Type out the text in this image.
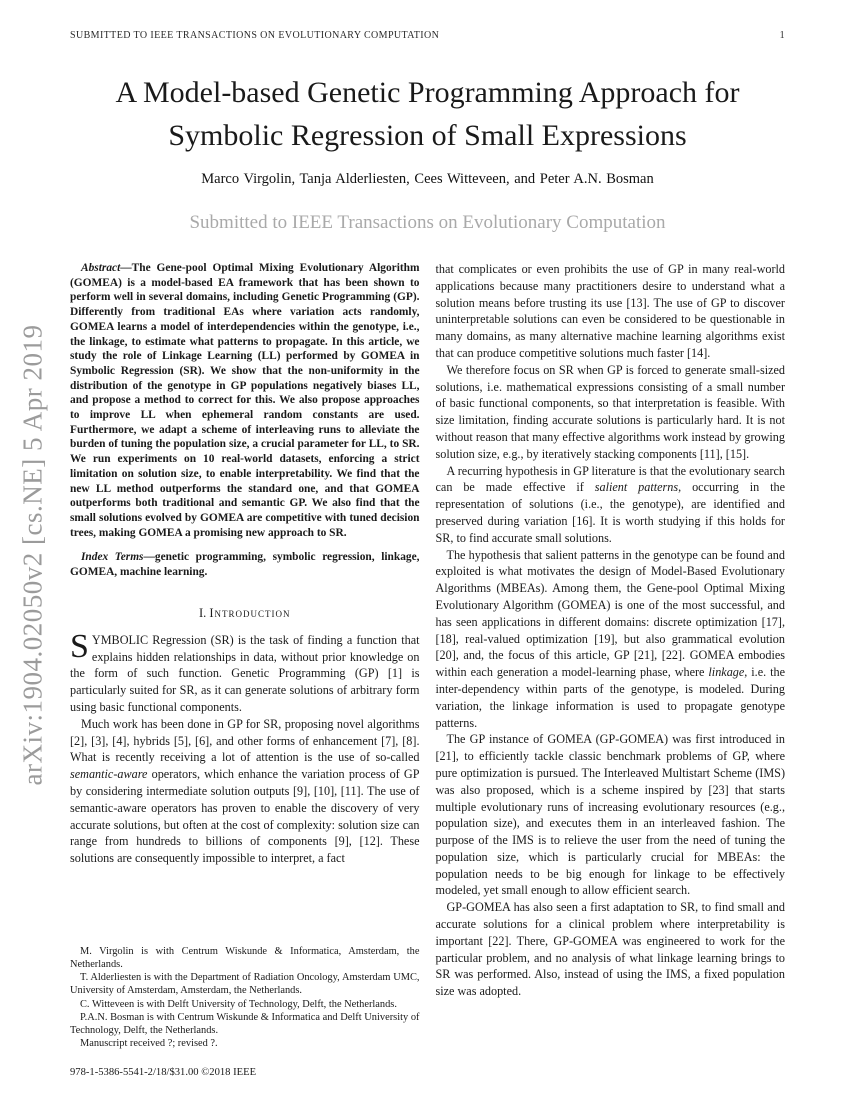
SUBMITTED TO IEEE TRANSACTIONS ON EVOLUTIONARY COMPUTATION	1
arXiv:1904.02050v2 [cs.NE] 5 Apr 2019
A Model-based Genetic Programming Approach for
Symbolic Regression of Small Expressions
Marco Virgolin, Tanja Alderliesten, Cees Witteveen, and Peter A.N. Bosman
Submitted to IEEE Transactions on Evolutionary Computation

Abstract—The Gene-pool Optimal Mixing Evolutionary Algorithm (GOMEA) is a model-based EA framework that has been shown to perform well in several domains, including Genetic Programming (GP). Differently from traditional EAs where variation acts randomly, GOMEA learns a model of interdependencies within the genotype, i.e., the linkage, to estimate what patterns to propagate. In this article, we study the role of Linkage Learning (LL) performed by GOMEA in Symbolic Regression (SR). We show that the non-uniformity in the distribution of the genotype in GP populations negatively biases LL, and propose a method to correct for this. We also propose approaches to improve LL when ephemeral random constants are used. Furthermore, we adapt a scheme of interleaving runs to alleviate the burden of tuning the population size, a crucial parameter for LL, to SR. We run experiments on 10 real-world datasets, enforcing a strict limitation on solution size, to enable interpretability. We find that the new LL method outperforms the standard one, and that GOMEA outperforms both traditional and semantic GP. We also find that the small solutions evolved by GOMEA are competitive with tuned decision trees, making GOMEA a promising new approach to SR.

Index Terms—genetic programming, symbolic regression, linkage, GOMEA, machine learning.

I. Introduction

SYMBOLIC Regression (SR) is the task of finding a function that explains hidden relationships in data, without prior knowledge on the form of such function. Genetic Programming (GP) [1] is particularly suited for SR, as it can generate solutions of arbitrary form using basic functional components.

Much work has been done in GP for SR, proposing novel algorithms [2], [3], [4], hybrids [5], [6], and other forms of enhancement [7], [8]. What is recently receiving a lot of attention is the use of so-called semantic-aware operators, which enhance the variation process of GP by considering intermediate solution outputs [9], [10], [11]. The use of semantic-aware operators has proven to enable the discovery of very accurate solutions, but often at the cost of complexity: solution size can range from hundreds to billions of components [9], [12]. These solutions are consequently impossible to interpret, a fact

M. Virgolin is with Centrum Wiskunde & Informatica, Amsterdam, the Netherlands.

T. Alderliesten is with the Department of Radiation Oncology, Amsterdam UMC, University of Amsterdam, Amsterdam, the Netherlands.

C. Witteveen is with Delft University of Technology, Delft, the Netherlands.

P.A.N. Bosman is with Centrum Wiskunde & Informatica and Delft University of Technology, Delft, the Netherlands.

Manuscript received ?; revised ?.

978-1-5386-5541-2/18/$31.00 ©2018 IEEE

that complicates or even prohibits the use of GP in many real-world applications because many practitioners desire to understand what a solution means before trusting its use [13]. The use of GP to discover uninterpretable solutions can even be considered to be questionable in many domains, as many alternative machine learning algorithms exist that can produce competitive solutions much faster [14].

We therefore focus on SR when GP is forced to generate small-sized solutions, i.e. mathematical expressions consisting of a small number of basic functional components, so that interpretation is feasible. With size limitation, finding accurate solutions is particularly hard. It is not without reason that many effective algorithms work instead by growing solution size, e.g., by iteratively stacking components [11], [15].

A recurring hypothesis in GP literature is that the evolutionary search can be made effective if salient patterns, occurring in the representation of solutions (i.e., the genotype), are identified and preserved during variation [16]. It is worth studying if this holds for SR, to find accurate small solutions.

The hypothesis that salient patterns in the genotype can be found and exploited is what motivates the design of Model-Based Evolutionary Algorithms (MBEAs). Among them, the Gene-pool Optimal Mixing Evolutionary Algorithm (GOMEA) is one of the most successful, and has seen applications in different domains: discrete optimization [17], [18], real-valued optimization [19], but also grammatical evolution [20], and, the focus of this article, GP [21], [22]. GOMEA embodies within each generation a model-learning phase, where linkage, i.e. the inter-dependency within parts of the genotype, is modeled. During variation, the linkage information is used to propagate genotype patterns.

The GP instance of GOMEA (GP-GOMEA) was first introduced in [21], to efficiently tackle classic benchmark problems of GP, where pure optimization is pursued. The Interleaved Multistart Scheme (IMS) was also proposed, which is a scheme inspired by [23] that starts multiple evolutionary runs of increasing evolutionary resources (e.g., population size), and executes them in an interleaved fashion. The purpose of the IMS is to relieve the user from the need of tuning the population size, which is particularly crucial for MBEAs: the population needs to be big enough for linkage to be effectively modeled, yet small enough to allow efficient search.

GP-GOMEA has also seen a first adaptation to SR, to find small and accurate solutions for a clinical problem where interpretability is important [22]. There, GP-GOMEA was engineered to work for the particular problem, and no analysis of what linkage learning brings to SR was performed. Also, instead of using the IMS, a fixed population size was adopted.
